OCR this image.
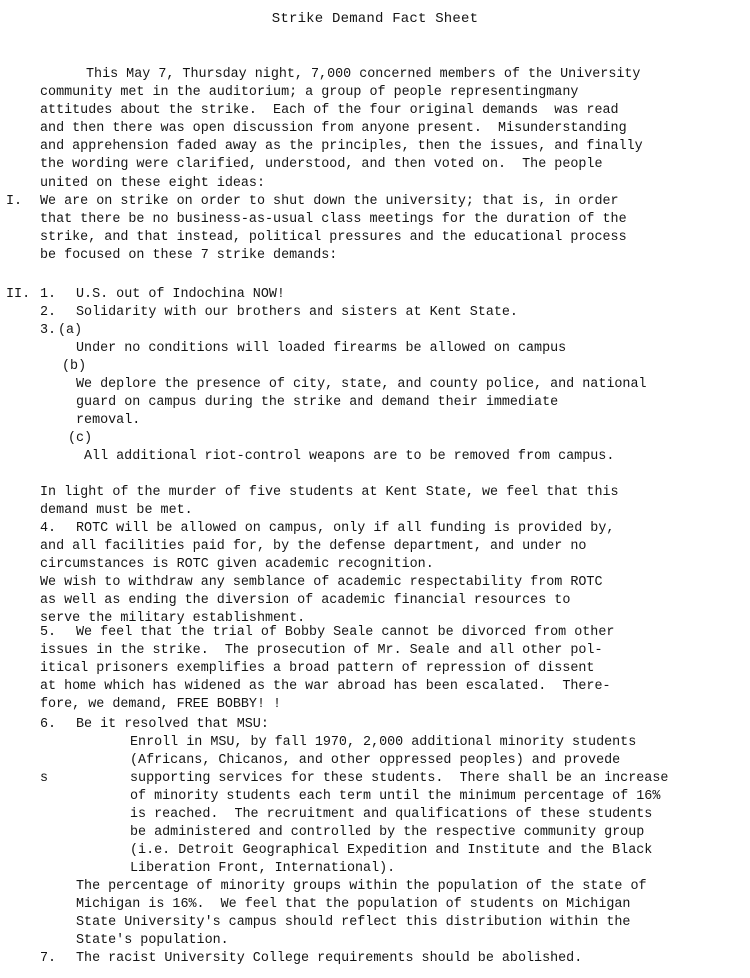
Strike Demand Fact Sheet
This May 7, Thursday night, 7,000 concerned members of the University
community met in the auditorium; a group of people representingmany
attitudes about the strike.  Each of the four original demands  was read
and then there was open discussion from anyone present.  Misunderstanding
and apprehension faded away as the principles, then the issues, and finally
the wording were clarified, understood, and then voted on.  The people
united on these eight ideas:
I. We are on strike on order to shut down the university; that is, in order
that there be no business-as-usual class meetings for the duration of the
strike, and that instead, political pressures and the educational process
be focused on these 7 strike demands:
II. 1. U.S. out of Indochina NOW!
2. Solidarity with our brothers and sisters at Kent State.
3. (a)
Under no conditions will loaded firearms be allowed on campus
(b)
We deplore the presence of city, state, and county police, and national
guard on campus during the strike and demand their immediate
removal.
(c)
All additional riot-control weapons are to be removed from campus.
In light of the murder of five students at Kent State, we feel that this
demand must be met.
4. ROTC will be allowed on campus, only if all funding is provided by,
and all facilities paid for, by the defense department, and under no
circumstances is ROTC given academic recognition.
We wish to withdraw any semblance of academic respectability from ROTC
as well as ending the diversion of academic financial resources to
serve the military establishment.
5. We feel that the trial of Bobby Seale cannot be divorced from other
issues in the strike.  The prosecution of Mr. Seale and all other pol-
itical prisoners exemplifies a broad pattern of repression of dissent
at home which has widened as the war abroad has been escalated.  There-
fore, we demand, FREE BOBBY! !
6. Be it resolved that MSU:
Enroll in MSU, by fall 1970, 2,000 additional minority students
(Africans, Chicanos, and other oppressed peoples) and provede
s	supporting services for these students.  There shall be an increase
of minority students each term until the minimum percentage of 16%
is reached.  The recruitment and qualifications of these students
be administered and controlled by the respective community group
(i.e. Detroit Geographical Expedition and Institute and the Black
Liberation Front, International).
The percentage of minority groups within the population of the state of
Michigan is 16%.  We feel that the population of students on Michigan
State University's campus should reflect this distribution within the
State's population.
7. The racist University College requirements should be abolished.
